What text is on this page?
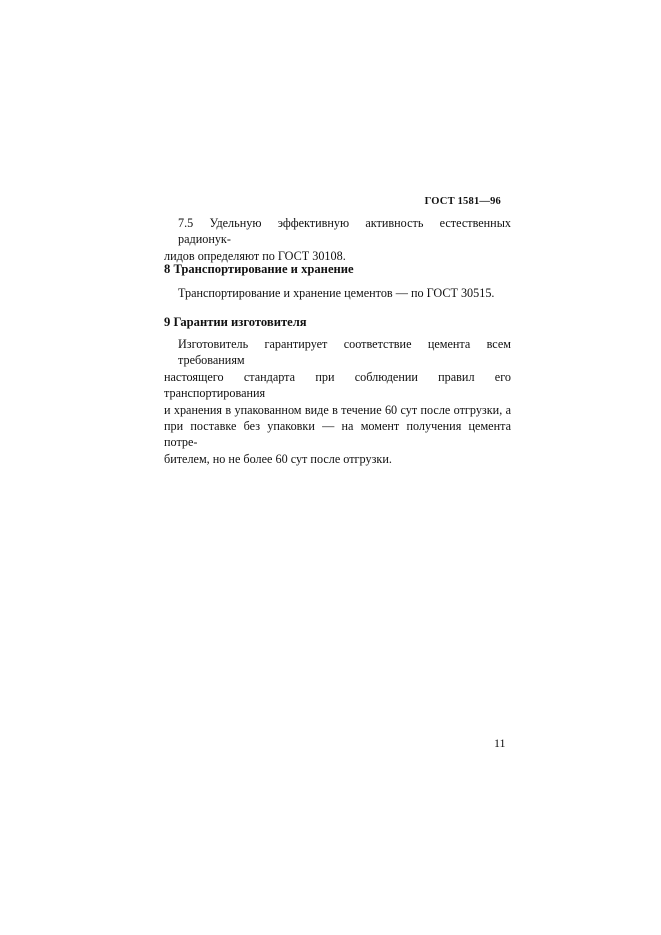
ГОСТ 1581—96
7.5 Удельную эффективную активность естественных радионук-
лидов определяют по ГОСТ 30108.
8 Транспортирование и хранение
Транспортирование и хранение цементов — по ГОСТ 30515.
9 Гарантии изготовителя
Изготовитель гарантирует соответствие цемента всем требованиям
настоящего стандарта при соблюдении правил его транспортирования
и хранения в упакованном виде в течение 60 сут после отгрузки, а
при поставке без упаковки — на момент получения цемента потре-
бителем, но не более 60 сут после отгрузки.
11
